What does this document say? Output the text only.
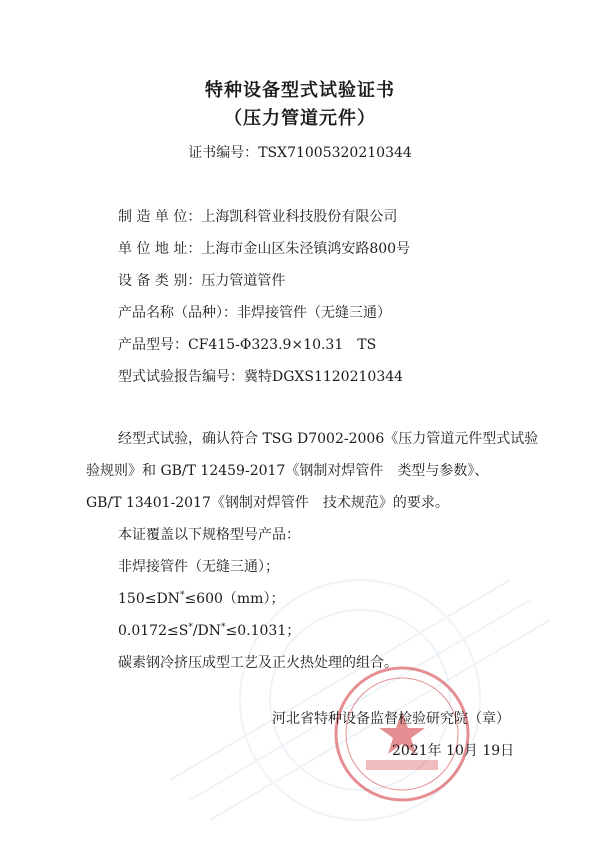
特种设备型式试验证书
（压力管道元件）
证书编号：TSX71005320210344
制 造 单 位：上海凯科管业科技股份有限公司
单 位 地 址：上海市金山区朱泾镇鸿安路800号
设 备 类 别：压力管道管件
产品名称（品种）：非焊接管件（无缝三通）
产品型号：CF415-Φ323.9×10.31　TS
型式试验报告编号：冀特DGXS1120210344
经型式试验，确认符合 TSG D7002-2006《压力管道元件型式试验
验规则》和 GB/T 12459-2017《钢制对焊管件　类型与参数》、
GB/T 13401-2017《钢制对焊管件　技术规范》的要求。
本证覆盖以下规格型号产品：
非焊接管件（无缝三通）；
150≤DN*≤600（mm）；
0.0172≤S*/DN*≤0.1031；
碳素钢冷挤压成型工艺及正火热处理的组合。
河北省特种设备监督检验研究院（章）
2021年 10月 19日
